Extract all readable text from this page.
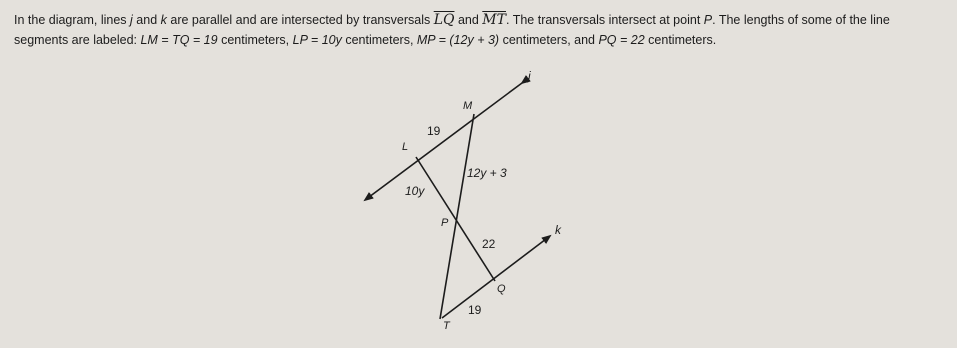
In the diagram, lines j and k are parallel and are intersected by transversals $\overline{LQ}$ and $\overline{MT}$. The transversals intersect at point P. The lengths of some of the line segments are labeled: LM = TQ = 19 centimeters, LP = 10y centimeters, MP = (12y + 3) centimeters, and PQ = 22 centimeters.

j
k
M
L
P
Q
T
19
12y + 3
10y
22
19
